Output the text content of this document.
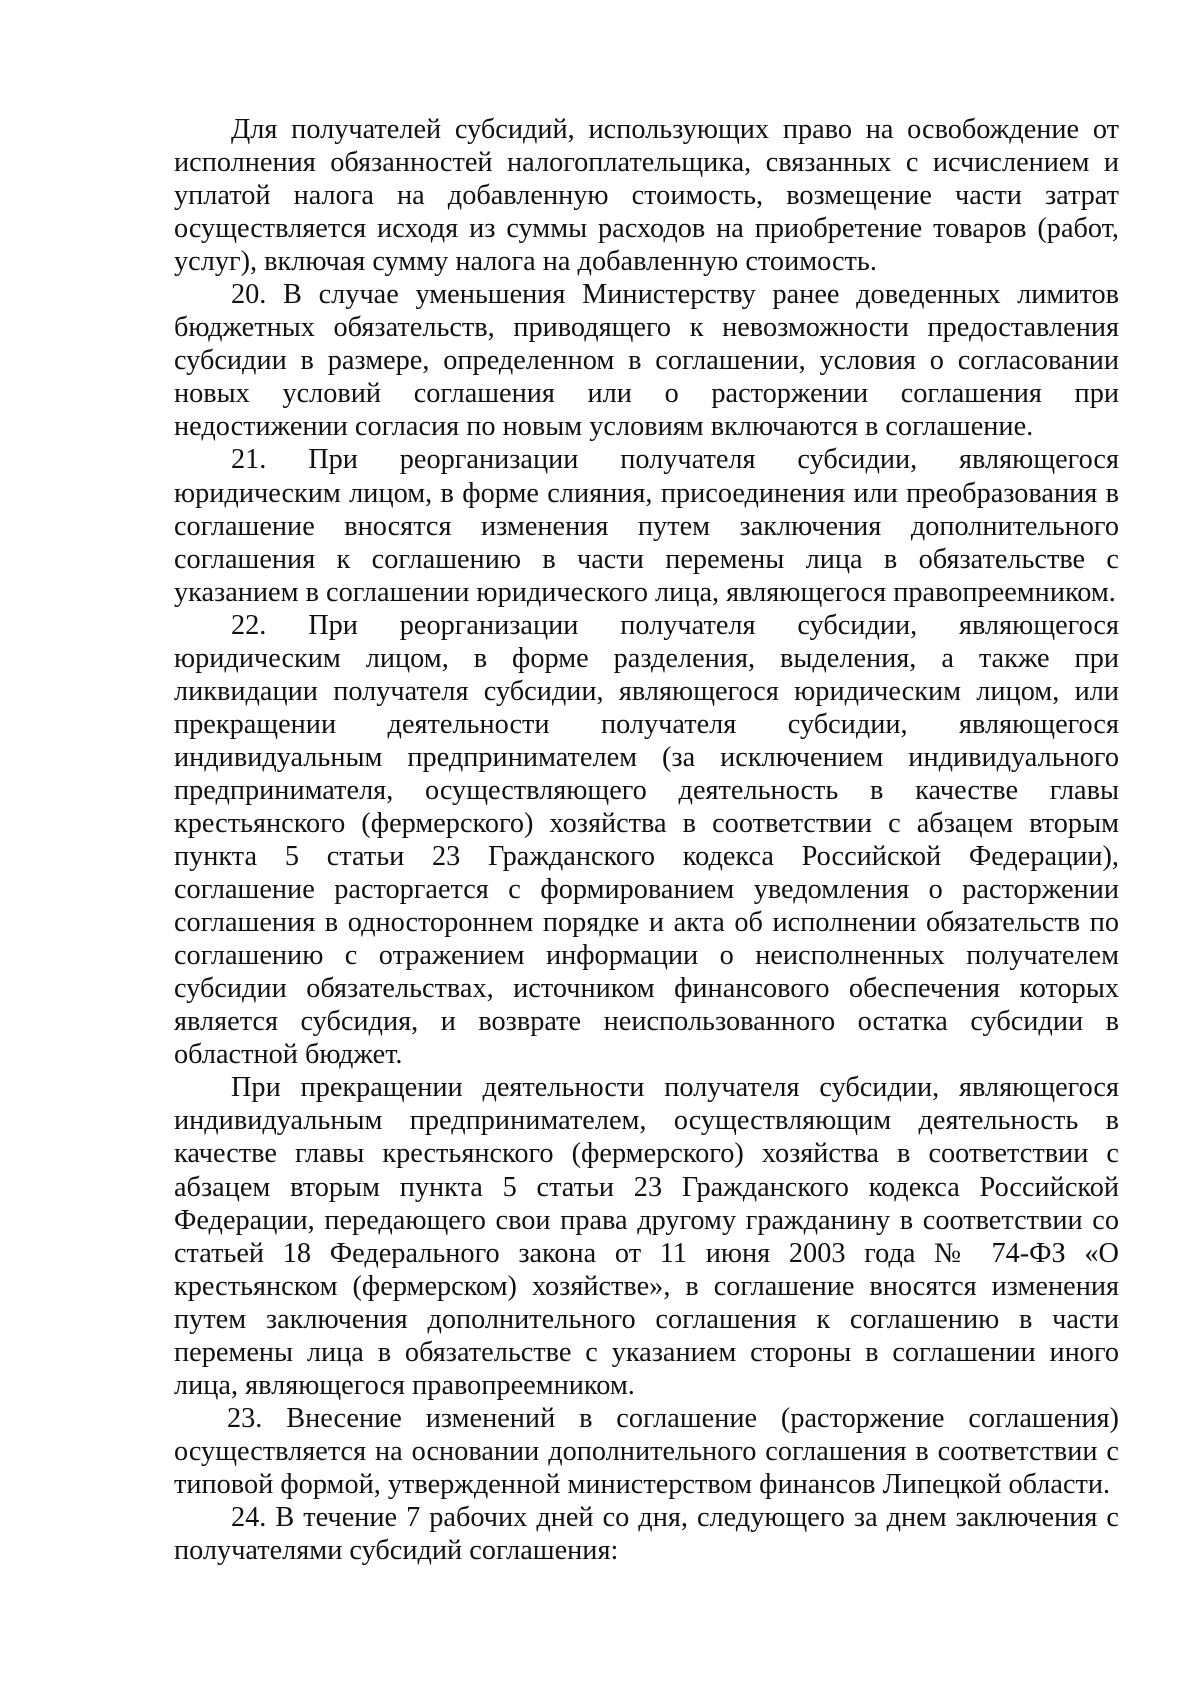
Для получателей субсидий, использующих право на освобождение от исполнения обязанностей налогоплательщика, связанных с исчислением и уплатой налога на добавленную стоимость, возмещение части затрат осуществляется исходя из суммы расходов на приобретение товаров (работ, услуг), включая сумму налога на добавленную стоимость.

20. В случае уменьшения Министерству ранее доведенных лимитов бюджетных обязательств, приводящего к невозможности предоставления субсидии в размере, определенном в соглашении, условия о согласовании новых условий соглашения или о расторжении соглашения при недостижении согласия по новым условиям включаются в соглашение.

21. При реорганизации получателя субсидии, являющегося юридическим лицом, в форме слияния, присоединения или преобразования в соглашение вносятся изменения путем заключения дополнительного соглашения к соглашению в части перемены лица в обязательстве с указанием в соглашении юридического лица, являющегося правопреемником.

22. При реорганизации получателя субсидии, являющегося юридическим лицом, в форме разделения, выделения, а также при ликвидации получателя субсидии, являющегося юридическим лицом, или прекращении деятельности получателя субсидии, являющегося индивидуальным предпринимателем (за исключением индивидуального предпринимателя, осуществляющего деятельность в качестве главы крестьянского (фермерского) хозяйства в соответствии с абзацем вторым пункта 5 статьи 23 Гражданского кодекса Российской Федерации), соглашение расторгается с формированием уведомления о расторжении соглашения в одностороннем порядке и акта об исполнении обязательств по соглашению с отражением информации о неисполненных получателем субсидии обязательствах, источником финансового обеспечения которых является субсидия, и возврате неиспользованного остатка субсидии в областной бюджет.

При прекращении деятельности получателя субсидии, являющегося индивидуальным предпринимателем, осуществляющим деятельность в качестве главы крестьянского (фермерского) хозяйства в соответствии с абзацем вторым пункта 5 статьи 23 Гражданского кодекса Российской Федерации, передающего свои права другому гражданину в соответствии со статьей 18 Федерального закона от 11 июня 2003 года № 74-ФЗ «О крестьянском (фермерском) хозяйстве», в соглашение вносятся изменения путем заключения дополнительного соглашения к соглашению в части перемены лица в обязательстве с указанием стороны в соглашении иного лица, являющегося правопреемником.

23. Внесение изменений в соглашение (расторжение соглашения) осуществляется на основании дополнительного соглашения в соответствии с типовой формой, утвержденной министерством финансов Липецкой области.

24. В течение 7 рабочих дней со дня, следующего за днем заключения с получателями субсидий соглашения:
